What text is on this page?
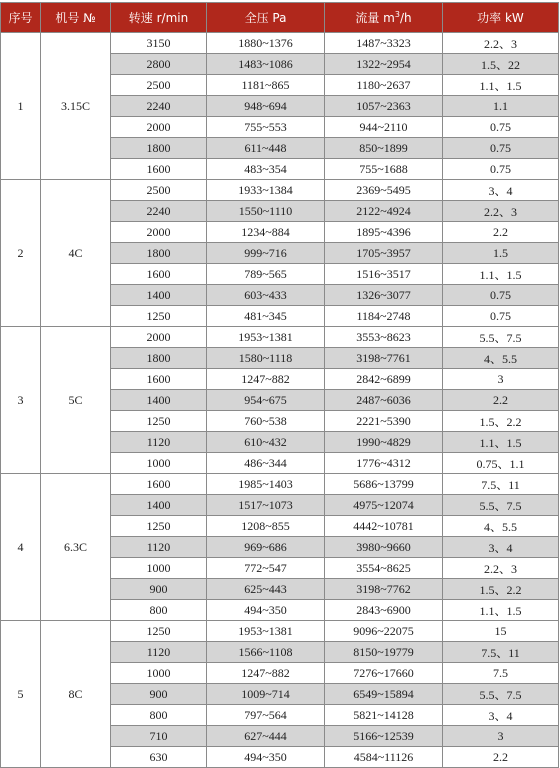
序号	机号 №	转速 r/min	全压 Pa	流量 $m^3/h$	功率 kW
1	3.15C	3150	1880~1376	1487~3323	2.2、3
		2800	1483~1086	1322~2954	1.5、22
		2500	1181~865	1180~2637	1.1、1.5
		2240	948~694	1057~2363	1.1
		2000	755~553	944~2110	0.75
		1800	611~448	850~1899	0.75
		1600	483~354	755~1688	0.75
2	4C	2500	1933~1384	2369~5495	3、4
		2240	1550~1110	2122~4924	2.2、3
		2000	1234~884	1895~4396	2.2
		1800	999~716	1705~3957	1.5
		1600	789~565	1516~3517	1.1、1.5
		1400	603~433	1326~3077	0.75
		1250	481~345	1184~2748	0.75
3	5C	2000	1953~1381	3553~8623	5.5、7.5
		1800	1580~1118	3198~7761	4、5.5
		1600	1247~882	2842~6899	3
		1400	954~675	2487~6036	2.2
		1250	760~538	2221~5390	1.5、2.2
		1120	610~432	1990~4829	1.1、1.5
		1000	486~344	1776~4312	0.75、1.1
4	6.3C	1600	1985~1403	5686~13799	7.5、11
		1400	1517~1073	4975~12074	5.5、7.5
		1250	1208~855	4442~10781	4、5.5
		1120	969~686	3980~9660	3、4
		1000	772~547	3554~8625	2.2、3
		900	625~443	3198~7762	1.5、2.2
		800	494~350	2843~6900	1.1、1.5
5	8C	1250	1953~1381	9096~22075	15
		1120	1566~1108	8150~19779	7.5、11
		1000	1247~882	7276~17660	7.5
		900	1009~714	6549~15894	5.5、7.5
		800	797~564	5821~14128	3、4
		710	627~444	5166~12539	3
		630	494~350	4584~11126	2.2
